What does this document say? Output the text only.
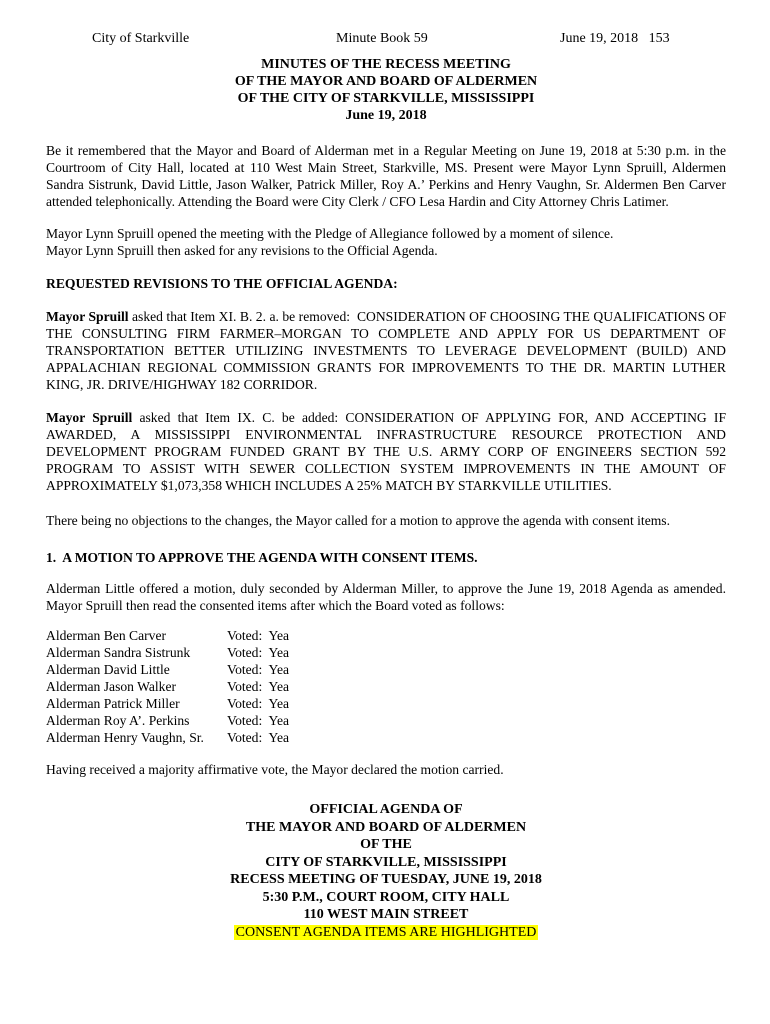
City of Starkville	Minute Book 59	June 19, 2018   153
MINUTES OF THE RECESS MEETING
OF THE MAYOR AND BOARD OF ALDERMEN
OF THE CITY OF STARKVILLE, MISSISSIPPI
June 19, 2018

Be it remembered that the Mayor and Board of Alderman met in a Regular Meeting on June 19, 2018 at 5:30 p.m. in the Courtroom of City Hall, located at 110 West Main Street, Starkville, MS. Present were Mayor Lynn Spruill, Aldermen Sandra Sistrunk, David Little, Jason Walker, Patrick Miller, Roy A.’ Perkins and Henry Vaughn, Sr. Aldermen Ben Carver attended telephonically. Attending the Board were City Clerk / CFO Lesa Hardin and City Attorney Chris Latimer.

Mayor Lynn Spruill opened the meeting with the Pledge of Allegiance followed by a moment of silence.
Mayor Lynn Spruill then asked for any revisions to the Official Agenda.
REQUESTED REVISIONS TO THE OFFICIAL AGENDA:

Mayor Spruill asked that Item XI. B. 2. a. be removed:  CONSIDERATION OF CHOOSING THE QUALIFICATIONS OF THE CONSULTING FIRM FARMER–MORGAN TO COMPLETE AND APPLY FOR US DEPARTMENT OF TRANSPORTATION BETTER UTILIZING INVESTMENTS TO LEVERAGE DEVELOPMENT (BUILD) AND APPALACHIAN REGIONAL COMMISSION GRANTS FOR IMPROVEMENTS TO THE DR. MARTIN LUTHER KING, JR. DRIVE/HIGHWAY 182 CORRIDOR.

Mayor Spruill asked that Item IX. C. be added: CONSIDERATION OF APPLYING FOR, AND ACCEPTING IF AWARDED, A MISSISSIPPI ENVIRONMENTAL INFRASTRUCTURE RESOURCE PROTECTION AND DEVELOPMENT PROGRAM FUNDED GRANT BY THE U.S. ARMY CORP OF ENGINEERS SECTION 592 PROGRAM TO ASSIST WITH SEWER COLLECTION SYSTEM IMPROVEMENTS IN THE AMOUNT OF APPROXIMATELY $1,073,358 WHICH INCLUDES A 25% MATCH BY STARKVILLE UTILITIES.

There being no objections to the changes, the Mayor called for a motion to approve the agenda with consent items.

1.  A MOTION TO APPROVE THE AGENDA WITH CONSENT ITEMS.

Alderman Little offered a motion, duly seconded by Alderman Miller, to approve the June 19, 2018 Agenda as amended. Mayor Spruill then read the consented items after which the Board voted as follows:

Alderman Ben Carver	Voted:  Yea
Alderman Sandra Sistrunk	Voted:  Yea
Alderman David Little	Voted:  Yea
Alderman Jason Walker	Voted:  Yea
Alderman Patrick Miller	Voted:  Yea
Alderman Roy A’. Perkins	Voted:  Yea
Alderman Henry Vaughn, Sr.	Voted:  Yea

Having received a majority affirmative vote, the Mayor declared the motion carried.

OFFICIAL AGENDA OF
THE MAYOR AND BOARD OF ALDERMEN
OF THE
CITY OF STARKVILLE, MISSISSIPPI
RECESS MEETING OF TUESDAY, JUNE 19, 2018
5:30 P.M., COURT ROOM, CITY HALL
110 WEST MAIN STREET
CONSENT AGENDA ITEMS ARE HIGHLIGHTED
